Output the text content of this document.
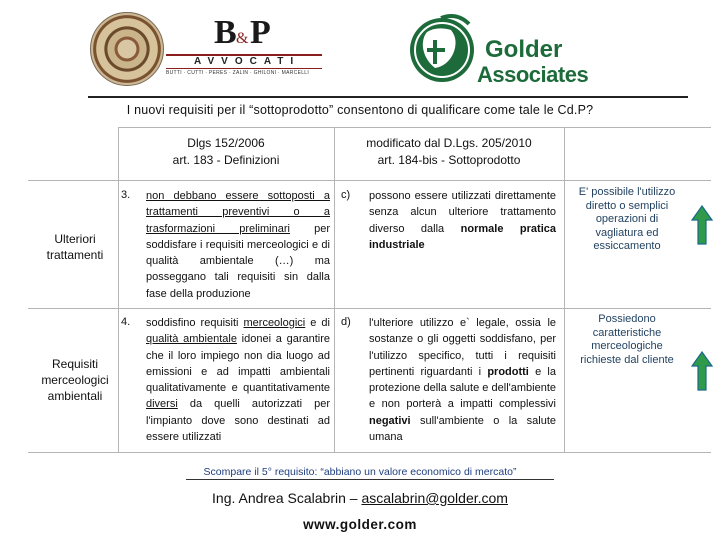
B & P
AVVOCATI
BUTTI · CUTTI · PERES · ZALIN · GHILONI · MARCELLI
Golder
Associates
I nuovi requisiti per il “sottoprodotto” consentono di qualificare come tale le Cd.P?
Dlgs 152/2006
art. 183 - Definizioni
modificato dal D.Lgs. 205/2010
art. 184-bis - Sottoprodotto
Ulteriori trattamenti
3. non debbano essere sottoposti a trattamenti preventivi o a trasformazioni preliminari per soddisfare i requisiti merceologici e di qualità ambientale (…) ma posseggano tali requisiti sin dalla fase della produzione
c) possono essere utilizzati direttamente senza alcun ulteriore trattamento diverso dalla normale pratica industriale
E' possibile l'utilizzo diretto o semplici operazioni di vagliatura ed essiccamento
Requisiti merceologici ambientali
4. soddisfino requisiti merceologici e di qualità ambientale idonei a garantire che il loro impiego non dia luogo ad emissioni e ad impatti ambientali qualitativamente e quantitativamente diversi da quelli autorizzati per l'impianto dove sono destinati ad essere utilizzati
d) l'ulteriore utilizzo e` legale, ossia le sostanze o gli oggetti soddisfano, per l'utilizzo specifico, tutti i requisiti pertinenti riguardanti i prodotti e la protezione della salute e dell'ambiente e non porterà a impatti complessivi negativi sull'ambiente o la salute umana
Possiedono caratteristiche merceologiche richieste dal cliente
Scompare il 5° requisito: “abbiano un valore economico di mercato”
Ing. Andrea Scalabrin – ascalabrin@golder.com
www.golder.com
